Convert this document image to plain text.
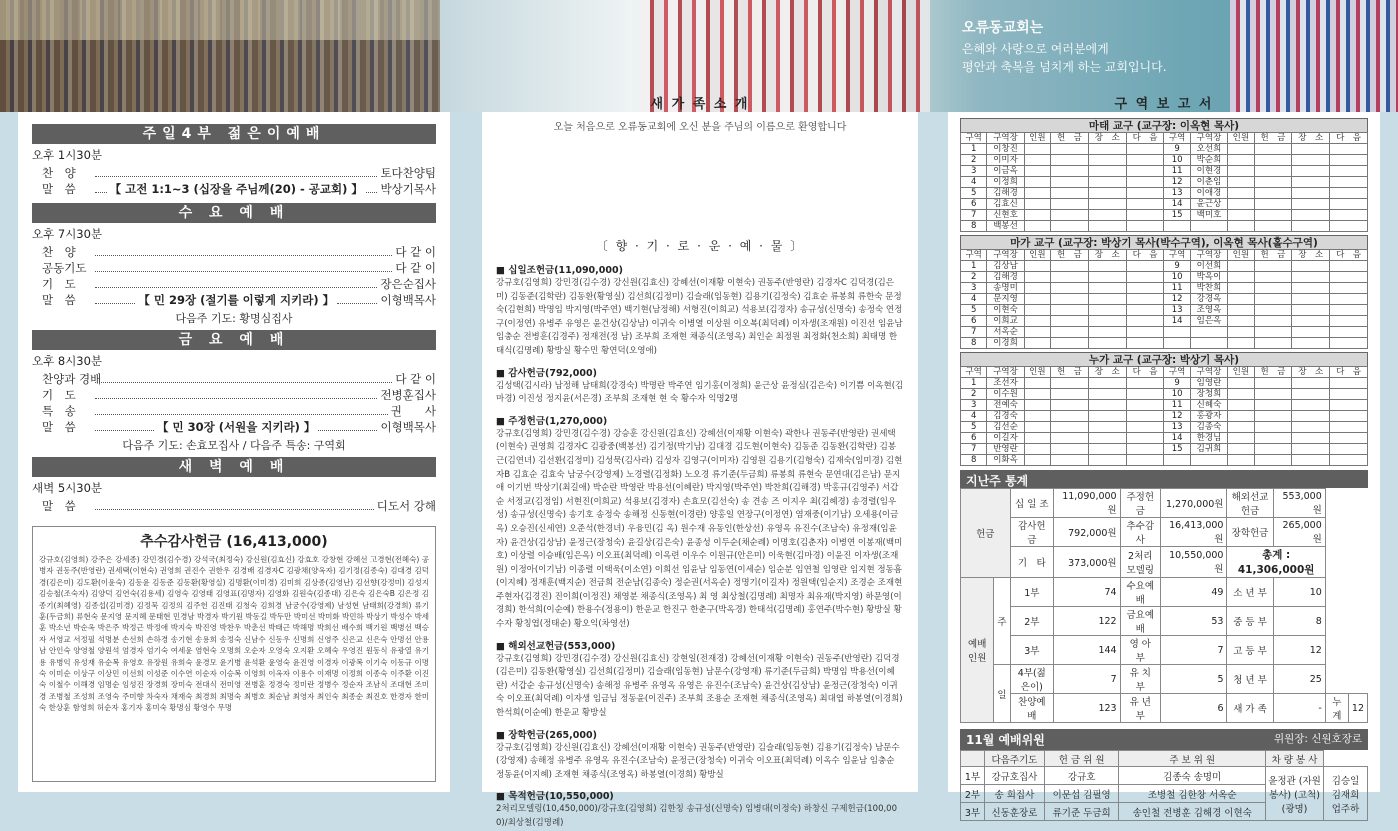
오류동교회는
은혜와 사랑으로 여러분에게
평안과 축복을 넘치게 하는 교회입니다.
새 가 족 소 개	구 역 보 고 서
주일4부 젊은이예배
오후 1시30분
찬　양	토다찬양팀
말　씀	【 고전 1:1~3 (십장을 주님께(20) - 공교회) 】 박상기목사
수 요 예 배
오후 7시30분
찬　양	다 같 이
공동기도	다 같 이
기　도	장은순집사
말　씀	【 민 29장 (절기를 이렇게 지키라) 】	이형백목사
다음주 기도: 황명심집사
금 요 예 배
오후 8시30분
찬양과 경배	다 같 이
기　도	전병훈집사
특　송	권　　사
말　씀	【 민 30장 (서원을 지키라) 】	이형백목사
다음주 기도: 손효모집사 / 다음주 특송: 구역회
새 벽 예 배
새벽 5시30분
말　씀	디도서 강해
추수감사헌금 (16,413,000)
강규호(김영희) 강주은 강세종) 강민경(김수경) 강석국(최정숙) 강신원(김효신) 강효호 강창현 강혜선 고경현(전혜숙) 공병자 권동주(반영란) 권세택(이현숙) 권영희 권진수 권한우 김경배 김경자C 김광채(양옥자) 김기정(김종숙) 김대경 김덕경(김은미) 김도환(이윤숙) 김동윤 김동준 김동환(황영실) 김명환(이미경) 김미희 김상종(김영난) 김선향(강정미) 김성지 김승철(조숙자) 김양덕 김연숙(김용세) 김영숙 김영태 김영표(김명자) 김영화 김원숙(김종대) 김은숙 김은숙B 김은정 김종기(최혜영) 김종섭(김미경) 김정묵 김정의 김주헌 김진태 김청숙 김희경 남궁수(강영제) 남성현 남태희(강경희) 류기훈(두금희) 류현숙 문지영 문지혜 문태현 민경남 박경자 박기원 박동길 박두만 박미선 박미화 박민하 박상기 박성수 박세훈 박소년 박순옥 박은주 박정근 박정애 박지숙 박진영 박찬우 박춘선 박태근 박해명 박희선 배수희 백기원 백병선 백승자 서영교 서정필 석명분 손선희 손하경 송기현 송용희 송정숙 신남수 신동우 신명희 신영주 신은교 신은숙 안명선 안용남 안인숙 양영철 양원석 엄경자 엄기숙 여세윤 염현숙 오명희 오순자 오영숙 오지환 오혜숙 우영진 원동식 유광열 유기용 유병익 유성재 유순복 유영호 유장원 유희숙 윤경모 윤기병 윤석환 윤영숙 윤진영 이경자 이광복 이기숙 이동규 이명숙 이미순 이상구 이상민 이선희 이성준 이수연 이순자 이승복 이영희 이옥자 이용수 이재명 이정희 이종숙 이주환 이진숙 이철수 이해경 임명순 임성진 장경희 장미숙 전대식 전미영 전병훈 정경숙 정미란 정병수 정순자 조남식 조대현 조미경 조병철 조성희 조영숙 주미향 차숙자 채재숙 최경희 최명숙 최병호 최순남 최영자 최인숙 최종순 최진호 한경자 한미숙 한상훈 함영희 허순자 홍기자 홍미숙 황명심 황영수 무명
오늘 처음으로 오류동교회에 오신 분을 주님의 이름으로 환영합니다
〔 향 · 기 · 로 · 운 · 예 · 물 〕
■ 십일조헌금(11,090,000)
강규호(김영희) 강민경(김수경) 강신원(김효신) 강혜선(이재황 이현숙) 권동주(반영란) 김경자C 김덕경(김은미) 김동준(김학란) 김동환(황영실) 김선희(김정미) 김슬래(임동현) 김용기(김정숙) 김효순 류봉희 류한숙 문정숙(김현희) 박명임 박지영(박주연) 백기현(남정해) 서형진(이희교) 석용보(김경자) 송규성(신명숙) 송정숙 연정구(이정연) 유병주 유영은 윤건상(김상남) 이귀숙 이병열 이상원 이오복(최덕례) 이자생(조재원) 이진선 임윤남 임충순 전병훈(김경주) 정재전(정 남) 조부희 조재현 채종식(조영옥) 최인순 최정원 최정화(천소희) 최태명 한태식(김명례) 황방실 황수민 황연덕(오영애)
■ 감사헌금(792,000)
김성택(김시라) 남정해 남태희(강경숙) 박명란 박주연 임기홍(이정희) 윤근상 윤정심(김은숙) 이기쁨 이옥현(김마경) 이진성 정지윤(서은경) 조부희 조재현 현 숙 황수자 익명2명
■ 주정헌금(1,270,000)
강규호(김영희) 강민경(김수경) 강승훈 강신원(김효신) 강혜선(이재황 이현숙) 곽한나 권동주(반영란) 권세택(이현숙) 권영희 김경자C 김광중(백봉선) 김기정(박기남) 김대경 김도현(이현숙) 김동준 김동환(김학란) 김봉근(김연녀) 김선환(김정미) 김성묵(김사라) 김성자 김영구(이미자) 김영원 김용기(김형숙) 김재숙(임미경) 김현자B 김효순 김효숙 남궁수(강영제) 노경렬(김정화) 노오경 류기준(두금희) 류봉희 류현숙 문연대(김은남) 문지애 이기번 박상기(최길애) 박순란 박영란 박용선(이혜란) 박지영(박주연) 박찬희(김해경) 박홍규(김영주) 서갑순 서정교(김정임) 서현진(이희교) 석용보(김경자) 손효모(김선숙) 송 견송 즈 이지우 최(김혜경) 송경렬(임우성) 송규성(신명숙) 송기호 송정숙 송해정 신동현(이경란) 양홍일 연장구(이정연) 염재중(이기남) 오세용(이금옥) 오승진(신세연) 오준석(한경녀) 우융민(김 옥) 원수재 유동인(한상선) 유영옥 유진수(조남숙) 유정재(임윤자) 윤건상(김상남) 윤정근(장청숙) 윤길상(김은숙) 윤종성 이두순(채순례) 이명호(김춘자) 이병연 이봉재(백미호) 이상렬 이승배(임은옥) 이오표(최덕례) 이옥련 이우수 이원규(안은미) 이욱현(김마경) 이윤진 이자생(조재원) 이정아(이기남) 이종렬 이택욱(이소연) 이희선 임윤남 임동연(이세순) 임순분 임연철 임영란 임지현 정동흠(이지혜) 정재훈(백지순) 전금희 전순남(김종숙) 정순권(서옥순) 정명기(이길자) 정원택(임순지) 조경순 조재현 주현자(김경진) 진이희(이정진) 채영분 채종식(조영옥) 최 영 최상철(김명례) 최명자 최유재(박지영) 하문영(이경희) 한석희(이순예) 한용수(정용이) 한운교 한진구 한춘구(박옥경) 한태석(김명례) 홍연주(박수현) 황방실 황수자 황칭엽(정태순) 황오익(차영선)
■ 해외선교헌금(553,000)
강규호(김영희) 강민경(김수경) 강신원(김효신) 강현일(전재경) 강혜선(이재황 이현숙) 권동주(반영란) 김덕경(김은미) 김동환(황영실) 김선희(김정미) 김슬래(임동현) 남문수(강영재) 류기준(두금희) 박명임 박용선(이혜란) 서갑순 송규성(신명숙) 송해정 유병주 유영옥 유영은 유진수(조남숙) 윤건상(김상남) 윤정근(장청숙) 이귀숙 이오표(최덕례) 이자생 임금님 정동윤(이진주) 조부희 조용순 조재현 채종식(조영옥) 최대엽 하봉열(이경희) 한석희(이순예) 한운교 황방실
■ 장학헌금(265,000)
강규호(김영희) 강신원(김효신) 강혜선(이재황 이현숙) 권동주(반영란) 김슬래(임동현) 김용기(김정숙) 남문수(강영재) 송해정 유병주 유영옥 유진수(조남숙) 윤정근(장청숙) 이귀숙 이오표(최덕례) 이옥수 임윤남 임충순 정동윤(이지혜) 조재현 채종식(조영옥) 하봉열(이경희) 황방실
■ 목적헌금(10,550,000)
2처리모델링(10,450,000)/강규호(김영희) 김한칭 송규성(신명숙) 임병대(이정숙) 하창신 구제헌금(100,000)/최상철(김명례)
마태 교구 (교구장: 이옥현 목사)
구역	구역장	인원	헌　금	장　소	다　음	구역	구역장	인원	헌　금	장　소	다　음
1	이창진					9	오선희				
2	이미자					10	박순희				
3	이금옥					11	이현경				
4	이정희					12	이춘임				
5	김해경					13	이애경				
6	김효신					14	윤근상				
7	신현호					15	백미호				
8	백봉선										
마가 교구 (교구장: 박상기 목사(박수구역), 이옥현 목사(홀수구역)
구역	구역장	인원	헌　금	장　소	다　음	구역	구역장	인원	헌　금	장　소	다　음
1	김상남					9	이선희				
2	김해경					10	박옥이				
3	송명미					11	박찬희				
4	문지영					12	강경옥				
5	이현숙					13	조영옥				
6	이희교					14	임은옥				
7	서옥순										
8	이경희										
누가 교구 (교구장: 박상기 목사)
구역	구역장	인원	헌　금	장　소	다　음	구역	구역장	인원	헌　금	장　소	다　음
1	조선자					9	임영란				
2	이수원					10	장청희				
3	전예숙					11	신혜숙				
4	김경숙					12	홍광자				
5	김선순					13	김종숙				
6	이길자					14	한경님				
7	반영란					15	김귀희				
8	이화옥										
지난주 통계
헌금		십 일 조	11,090,000원	주정헌금	1,270,000원	해외선교헌금	553,000원		
		감사헌금	792,000원	추수감사	16,413,000원	장학헌금	265,000원		
		기　타	373,000원	2처리모델링	10,550,000원	총계 : 41,306,000원			
예배 인원	주	1부	74	수요예배	49	소 년 부	10		
		2부	122	금요예배	53	중 등 부	8		
		3부	144	영 아 부	7	고 등 부	12		
	일	4부(젊은이)	7	유 치 부	5	청 년 부	25		
		찬양예배	123	유 년 부	6	새 가 족	-	누 계	12
11월 예배위원	위원장: 신원호장로
	다음주기도	헌 금 위 원	주 보 위 원	차 량 봉 사	
1부	강규호집사	강규호	김종숙 송명미	윤정관 (자원봉사) (고척) (광명)	김승일 김재희 업주하
2부	송 희집사	이문섭 김필영	조병철 김한창 서옥순		
3부	신동훈장로	류기준 두금희	송인철 전병훈 김해경 이현숙		
